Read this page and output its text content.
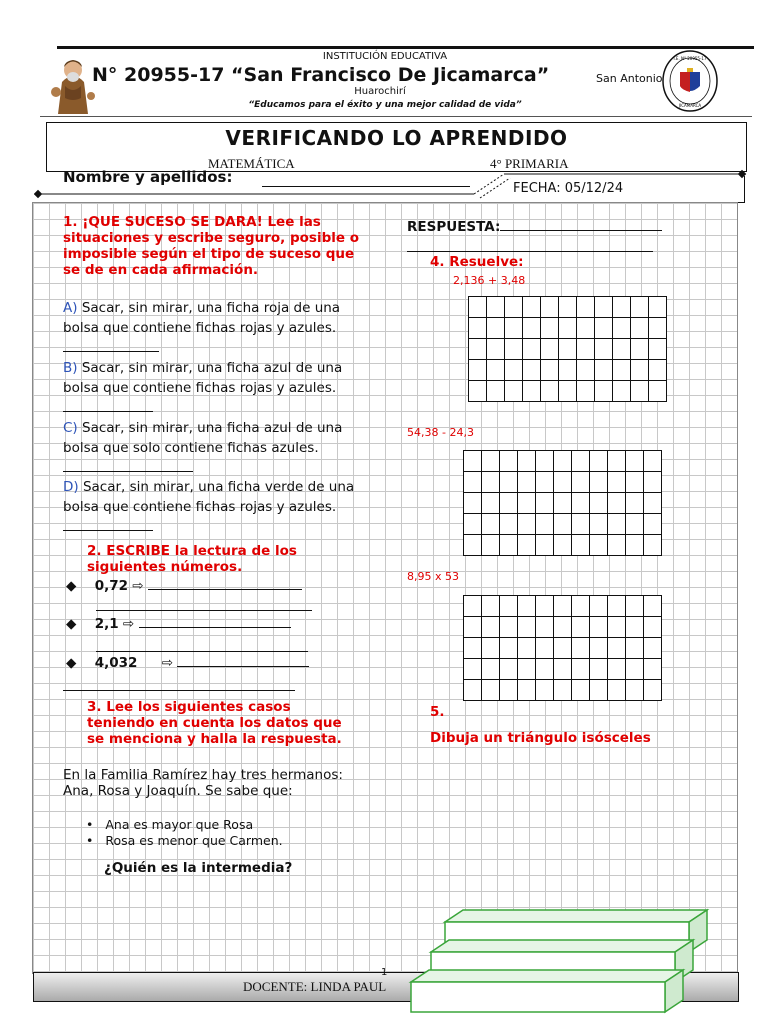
INSTITUCIÓN EDUCATIVA
N° 20955-17 “San Francisco De Jicamarca”	San Antonio
Huarochirí
“Educamos para el éxito y una mejor calidad de vida”
I.E. N° 20955-17
JICAMARCA
VERIFICANDO LO APRENDIDO
MATEMÁTICA	4° PRIMARIA
Nombre y apellidos:
FECHA: 05/12/24
1. ¡QUE SUCESO SE DARA! Lee las situaciones y escribe seguro, posible o imposible según el tipo de suceso que se de en cada afirmación.
A) Sacar, sin mirar, una ficha roja de una bolsa que contiene fichas rojas y azules.
B) Sacar, sin mirar, una ficha azul de una bolsa que contiene fichas rojas y azules.
C) Sacar, sin mirar, una ficha azul de una bolsa que solo contiene fichas azules.
D) Sacar, sin mirar, una ficha verde de una bolsa que contiene fichas rojas y azules.
2. ESCRIBE la lectura de los siguientes números.
◆ 0,72 ⇨
◆ 2,1 ⇨
◆ 4,032 ⇨
3. Lee los siguientes casos teniendo en cuenta los datos que se menciona y halla la respuesta.
En la Familia Ramírez hay tres hermanos: Ana, Rosa y Joaquín. Se sabe que:
• Ana es mayor que Rosa
• Rosa es menor que Carmen.
¿Quién es la intermedia?
RESPUESTA:
4. Resuelve:
2,136 + 3,48

54,38 - 24,3

8,95 x 53

5.
Dibuja un triángulo isósceles
1
DOCENTE: LINDA PAUL
